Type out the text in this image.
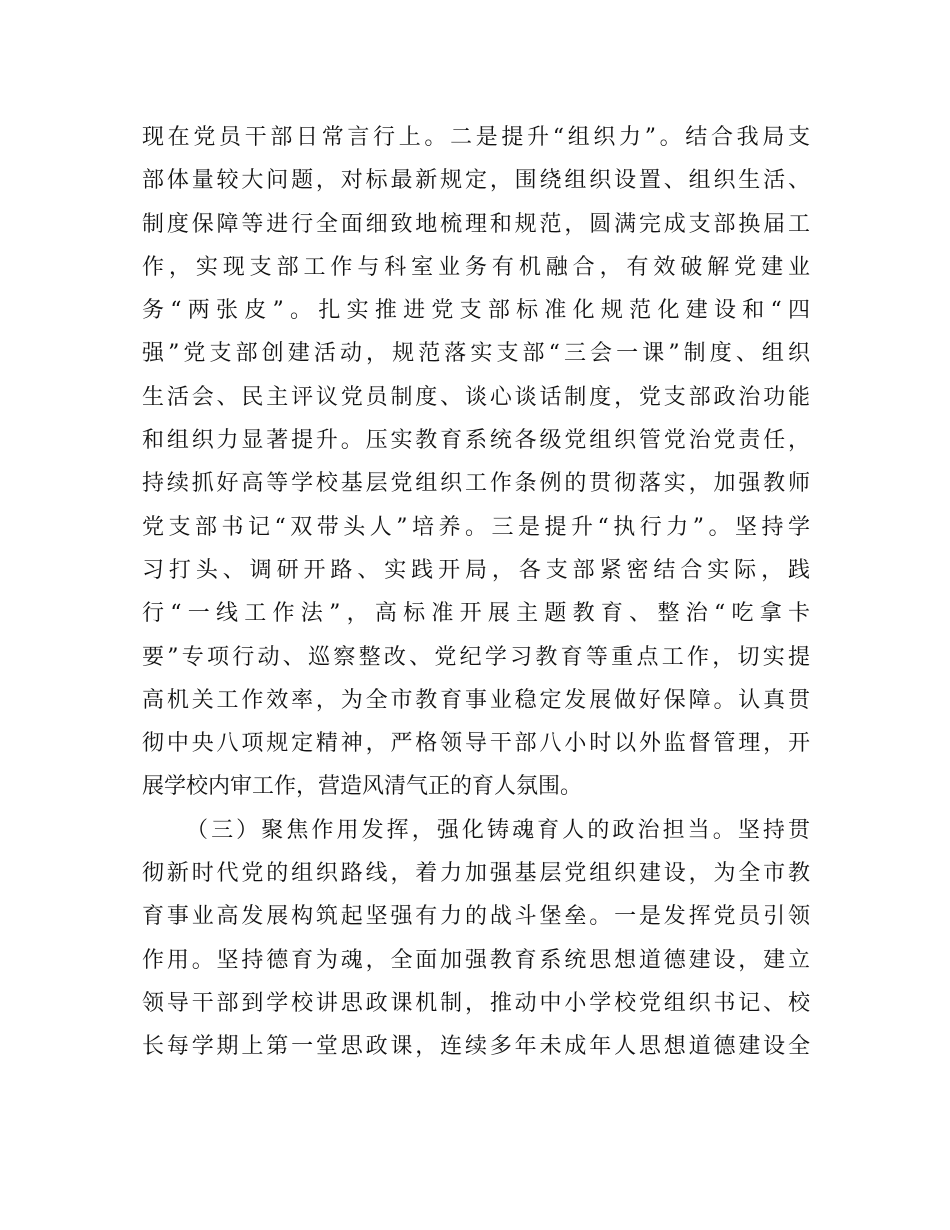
现在党员干部日常言行上。二是提升“组织力”。结合我局支
部体量较大问题，对标最新规定，围绕组织设置、组织生活、
制度保障等进行全面细致地梳理和规范，圆满完成支部换届工
作，实现支部工作与科室业务有机融合，有效破解党建业
务“两张皮”。扎实推进党支部标准化规范化建设和“四
强”党支部创建活动，规范落实支部“三会一课”制度、组织
生活会、民主评议党员制度、谈心谈话制度，党支部政治功能
和组织力显著提升。压实教育系统各级党组织管党治党责任，
持续抓好高等学校基层党组织工作条例的贯彻落实，加强教师
党支部书记“双带头人”培养。三是提升“执行力”。坚持学
习打头、调研开路、实践开局，各支部紧密结合实际，践
行“一线工作法”，高标准开展主题教育、整治“吃拿卡
要”专项行动、巡察整改、党纪学习教育等重点工作，切实提
高机关工作效率，为全市教育事业稳定发展做好保障。认真贯
彻中央八项规定精神，严格领导干部八小时以外监督管理，开
展学校内审工作，营造风清气正的育人氛围。
（三）聚焦作用发挥，强化铸魂育人的政治担当。坚持贯
彻新时代党的组织路线，着力加强基层党组织建设，为全市教
育事业高发展构筑起坚强有力的战斗堡垒。一是发挥党员引领
作用。坚持德育为魂，全面加强教育系统思想道德建设，建立
领导干部到学校讲思政课机制，推动中小学校党组织书记、校
长每学期上第一堂思政课，连续多年未成年人思想道德建设全
